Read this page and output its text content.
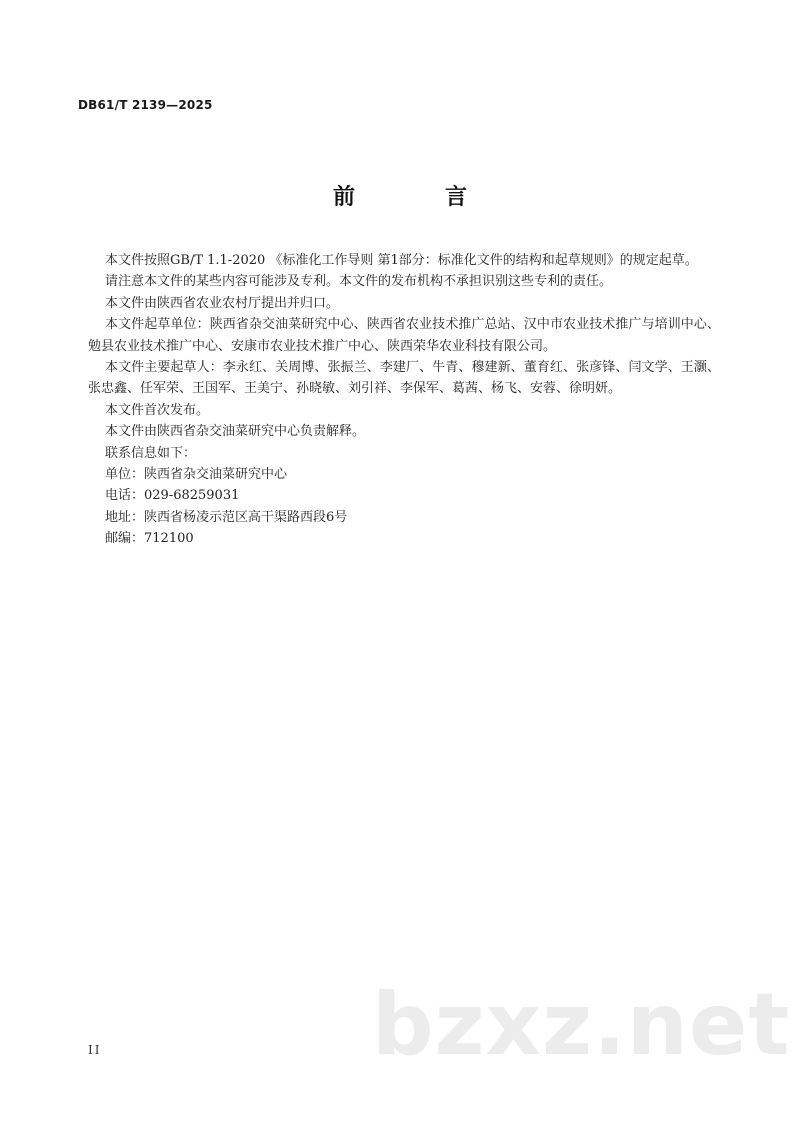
DB61/T 2139—2025
前　言

本文件按照GB/T 1.1-2020 《标准化工作导则 第1部分：标准化文件的结构和起草规则》的规定起草。

请注意本文件的某些内容可能涉及专利。本文件的发布机构不承担识别这些专利的责任。

本文件由陕西省农业农村厅提出并归口。

本文件起草单位：陕西省杂交油菜研究中心、陕西省农业技术推广总站、汉中市农业技术推广与培训中心、勉县农业技术推广中心、安康市农业技术推广中心、陕西荣华农业科技有限公司。

本文件主要起草人：李永红、关周博、张振兰、李建厂、牛青、穆建新、董育红、张彦锋、闫文学、王灏、张忠鑫、任军荣、王国军、王美宁、孙晓敏、刘引祥、李保军、葛茜、杨飞、安蓉、徐明妍。

本文件首次发布。

本文件由陕西省杂交油菜研究中心负责解释。

联系信息如下：

单位：陕西省杂交油菜研究中心

电话：029-68259031

地址：陕西省杨凌示范区高干渠路西段6号

邮编：712100

bzxz.net
II
